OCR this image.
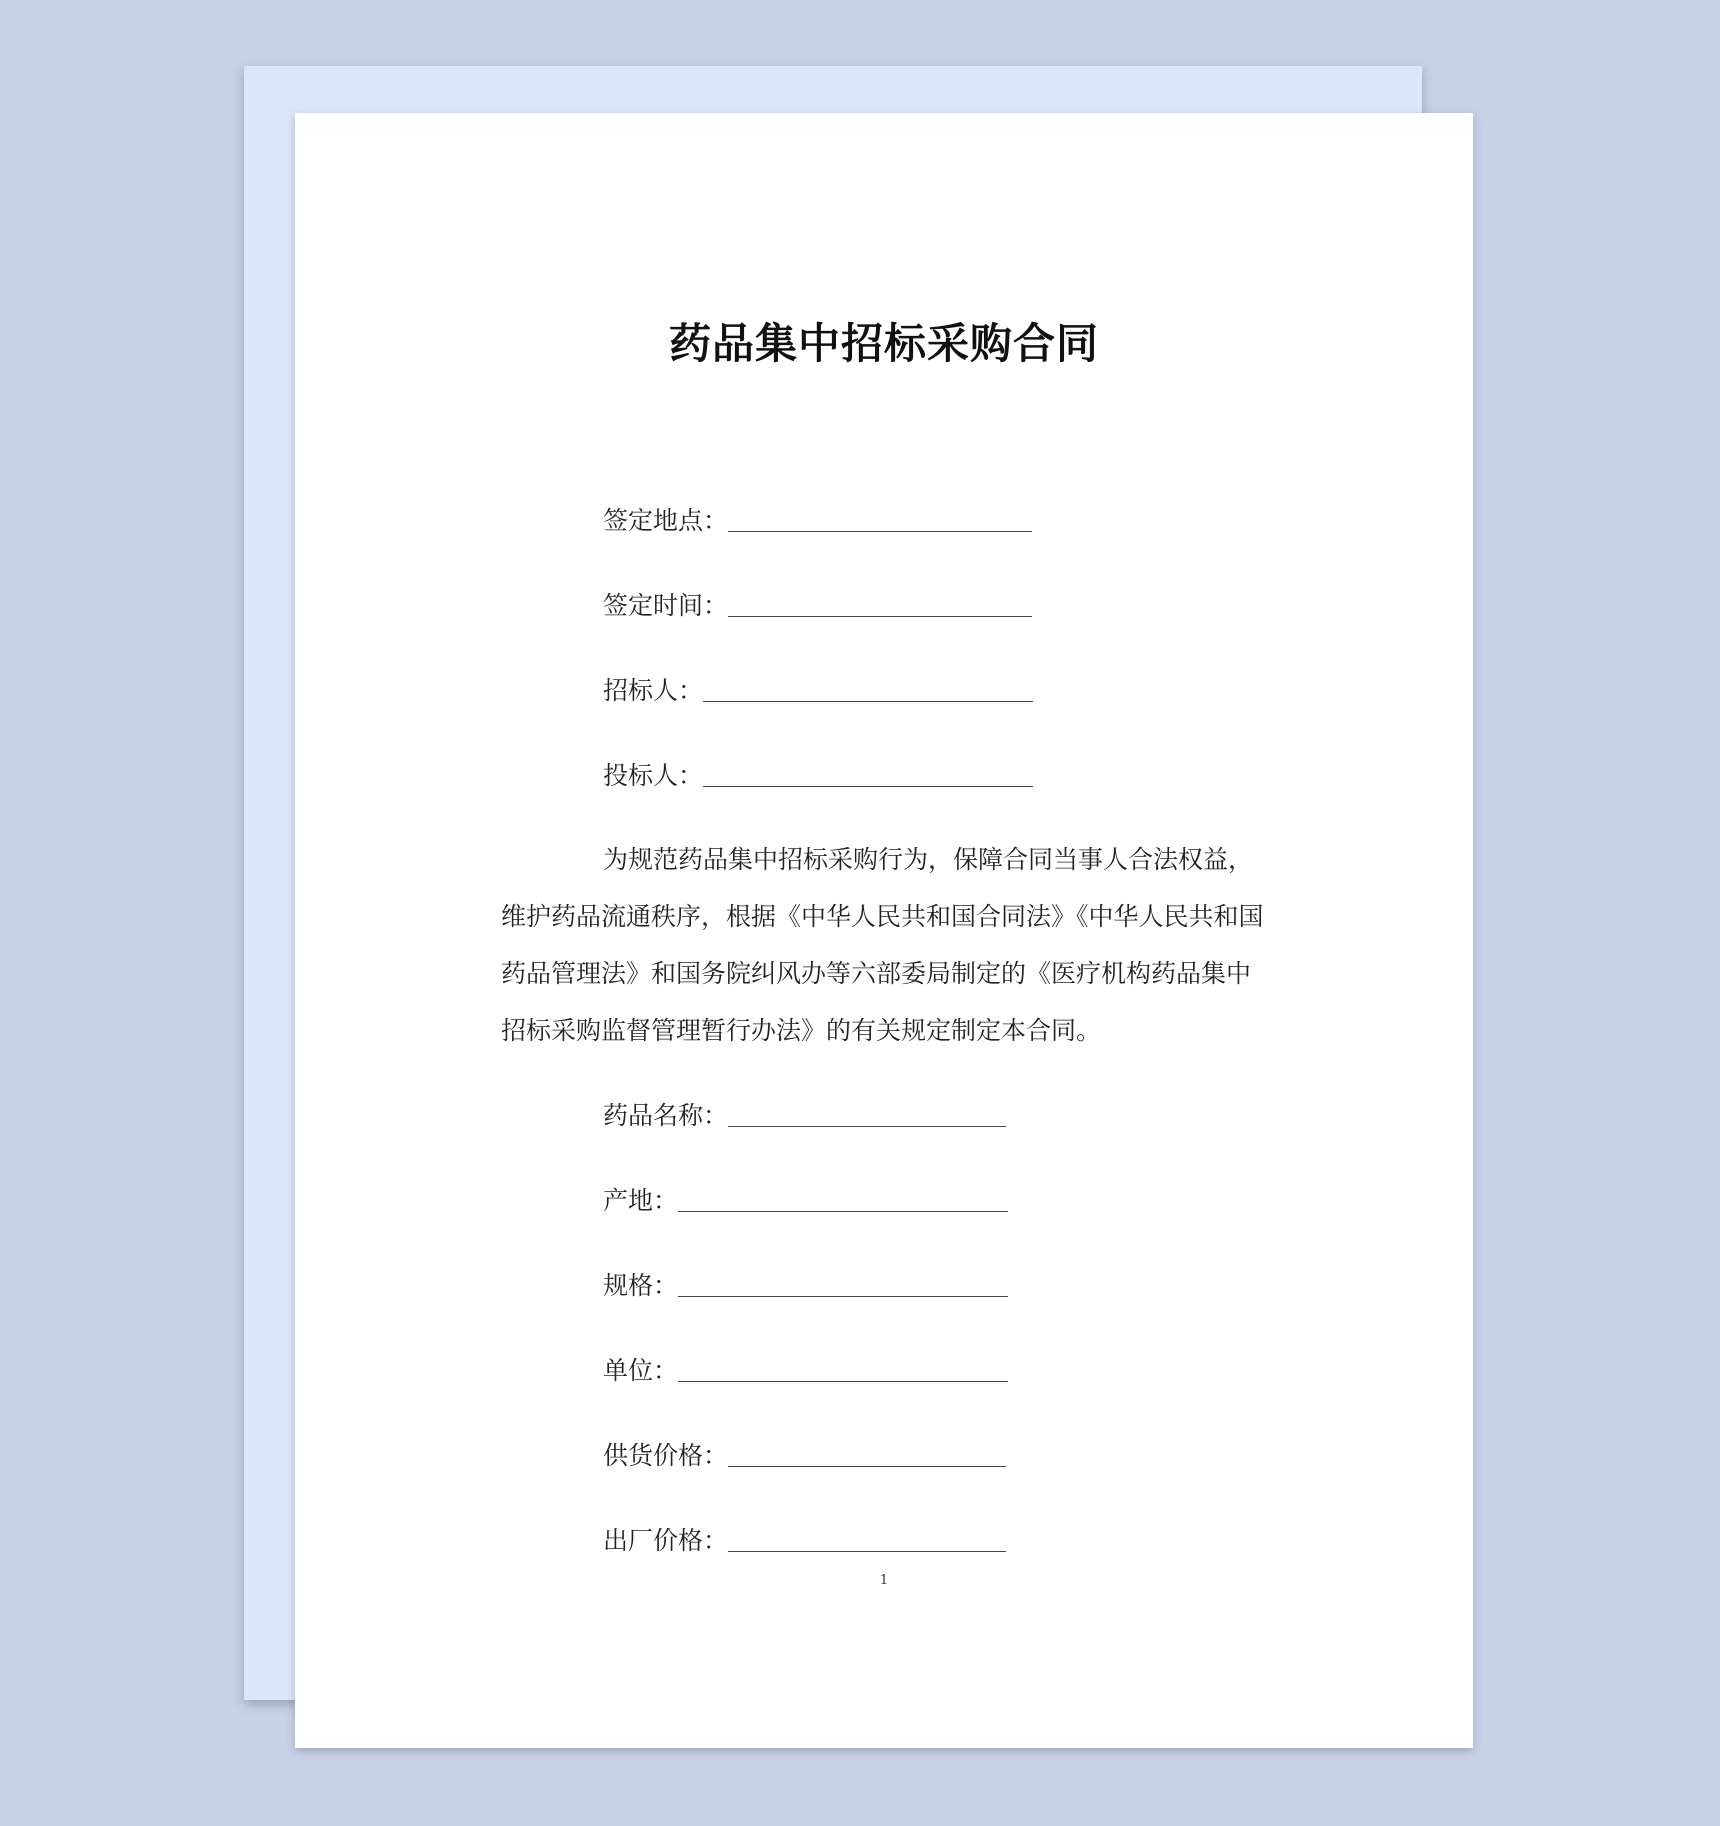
药品集中招标采购合同
签定地点：
签定时间：
招标人：
投标人：
为规范药品集中招标采购行为，保障合同当事人合法权益，
维护药品流通秩序，根据《中华人民共和国合同法》《中华人民共和国
药品管理法》和国务院纠风办等六部委局制定的《医疗机构药品集中
招标采购监督管理暂行办法》的有关规定制定本合同。
药品名称：
产地：
规格：
单位：
供货价格：
出厂价格：
1
